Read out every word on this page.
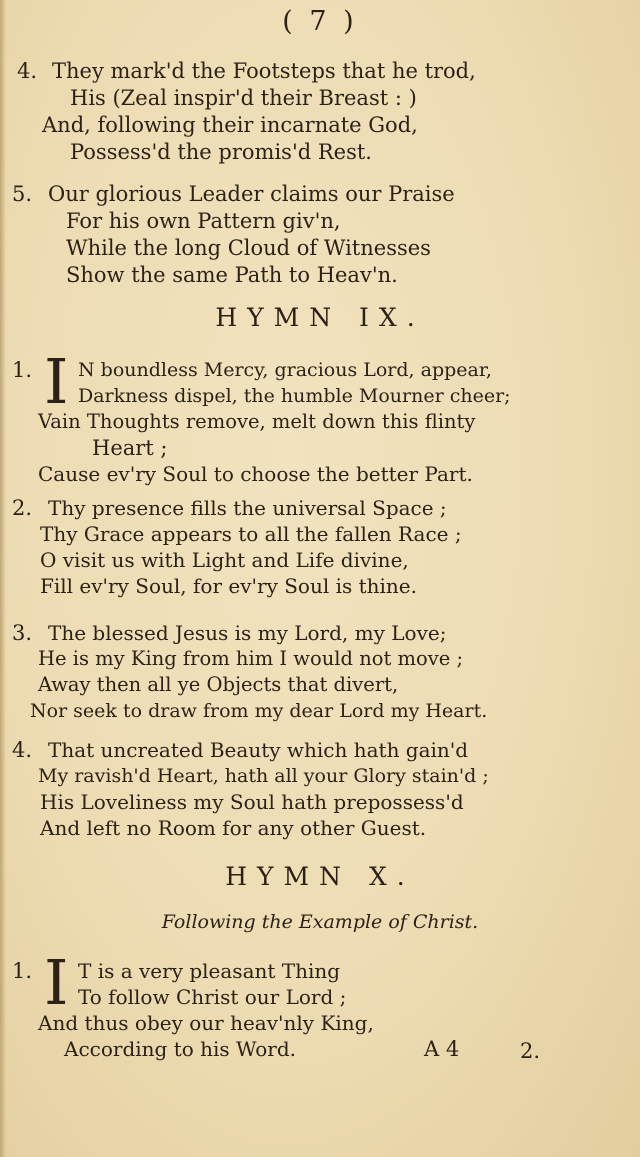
( 7 )
4. They mark'd the Footsteps that he trod,
His (Zeal inspir'd their Breast : )
And, following their incarnate God,
Possess'd the promis'd Rest.
5. Our glorious Leader claims our Praise
For his own Pattern giv'n,
While the long Cloud of Witnesses
Show the same Path to Heav'n.
HYMN IX.
1. I N boundless Mercy, gracious Lord, appear,
Darkness dispel, the humble Mourner cheer;
Vain Thoughts remove, melt down this flinty
Heart ;
Cause ev'ry Soul to choose the better Part.
2. Thy presence fills the universal Space ;
Thy Grace appears to all the fallen Race ;
O visit us with Light and Life divine,
Fill ev'ry Soul, for ev'ry Soul is thine.
3. The blessed Jesus is my Lord, my Love;
He is my King from him I would not move ;
Away then all ye Objects that divert,
Nor seek to draw from my dear Lord my Heart.
4. That uncreated Beauty which hath gain'd
My ravish'd Heart, hath all your Glory stain'd ;
His Loveliness my Soul hath prepossess'd
And left no Room for any other Guest.
HYMN X.
Following the Example of Christ.
1. I T is a very pleasant Thing
To follow Christ our Lord ;
And thus obey our heav'nly King,
According to his Word.	A 4	2.
